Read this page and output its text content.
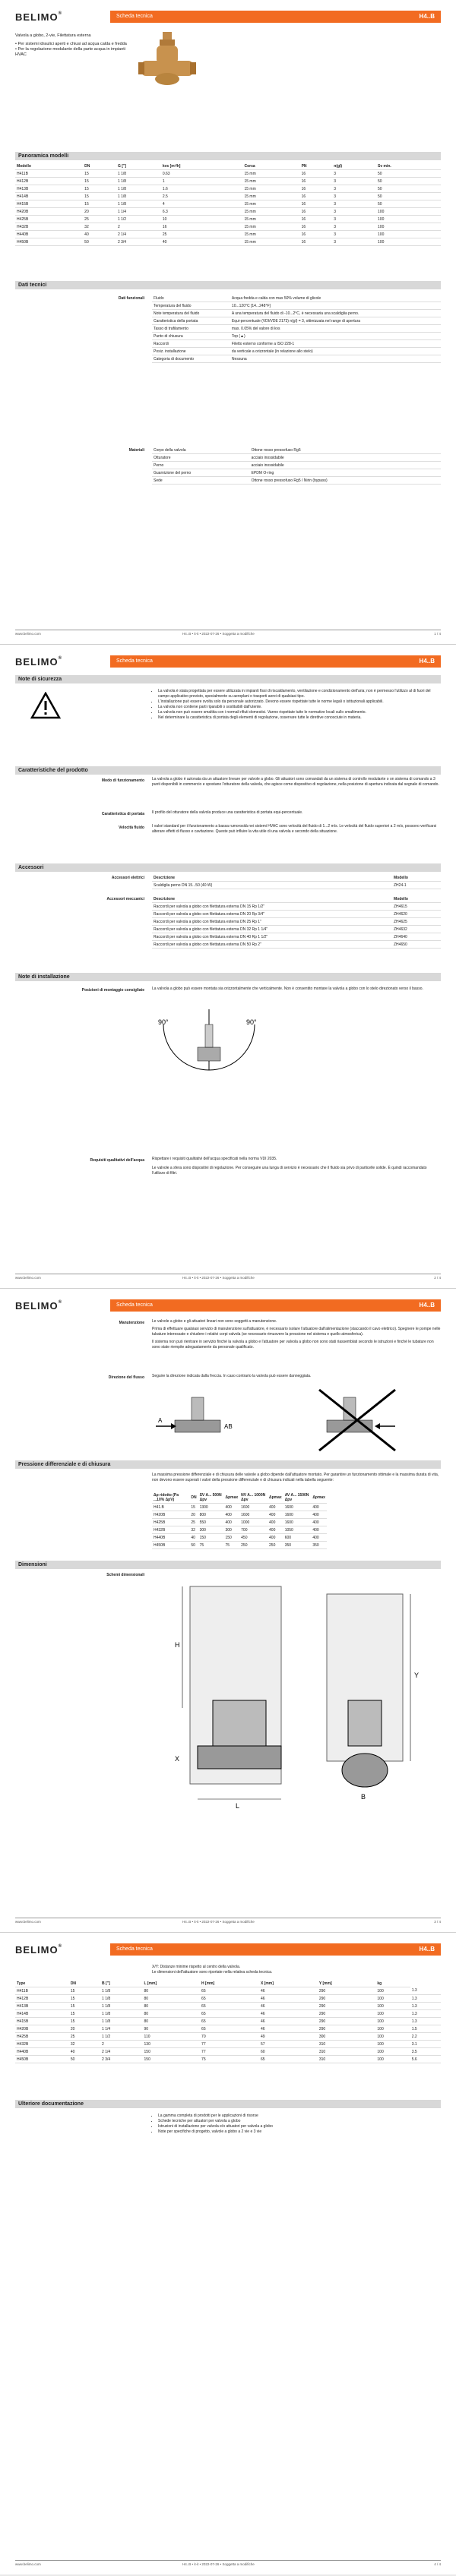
BELIMO®	Scheda tecnica	H4..B
Valvola a globo, 2-vie, Filettatura esterna
• Per sistemi idraulici aperti e chiusi ad acqua calda e fredda
• Per la regolazione modulante della parte acqua in impianti HVAC
Panoramica modelli
Modello	DN	G ["]	kvs [m³/h]	Corsa	PN	n(gl)	Sv min.
H411B	15	1 1/8	0.63	15 mm	16	3	50
H412B	15	1 1/8	1	15 mm	16	3	50
H413B	15	1 1/8	1.6	15 mm	16	3	50
H414B	15	1 1/8	2.5	15 mm	16	3	50
H415B	15	1 1/8	4	15 mm	16	3	50
H420B	20	1 1/4	6.3	15 mm	16	3	100
H425B	25	1 1/2	10	15 mm	16	3	100
H432B	32	2	16	15 mm	16	3	100
H440B	40	2 1/4	25	15 mm	16	3	100
H450B	50	2 3/4	40	15 mm	16	3	100
Dati tecnici
Dati funzionali Fluido	Acqua fredda e calda con max 50% volume di glicole
Temperatura del fluido	10...120°C [14...248°F]
Note temperatura del fluido	A una temperatura del fluido di -10...2°C, è necessaria una scaldiglia perno.
Caratteristica della portata	Equi-percentuale (VDI/VDE 2173) n(gl) = 3, ottimizzata nel range di apertura
Tasso di trafilamento	max. 0.05% del valore di kvs
Punto di chiusura	Top (▲)
Raccordi	Filetto esterno conforme a ISO 228-1
Posiz. installazione	da verticale a orizzontale (in relazione allo stelo)
Categoria di documento	Nessuna
Materiali Corpo della valvola	Ottone rosso pressofuso Rg5
Otturatore	acciaio inossidabile
Perno	acciaio inossidabile
Guarnizione del perno	EPDM O-ring
Sede	Ottone rosso pressofuso Rg5 / Nirin (bypass)
www.belimo.com	H4..B • it-it • 2022-07-26 • Soggetta a modifiche	1 / 4
BELIMO®	Scheda tecnica	H4..B
Note di sicurezza
• La valvola è stata progettata per essere utilizzata in impianti fissi di riscaldamento, ventilazione e condizionamento dell'aria; non è permesso l'utilizzo al di fuori del campo applicativo previsto, specialmente su aeroplani o trasporti aerei di qualsiasi tipo.
• L'installazione può essere svolta solo da personale autorizzato. Devono essere rispettate tutte le norme legali o istituzionali applicabili.
• La valvola non contiene parti riparabili o sostituibili dall'utente.
• La valvola non può essere smaltita con i normali rifiuti domestici. Vanno rispettate tutte le normative locali sullo smaltimento.
• Nel determinare la caratteristica di portata degli elementi di regolazione, osservare tutte le direttive conosciute in materia.
Caratteristiche del prodotto
Modo di funzionamento La valvola a globo è azionata da un attuatore lineare per valvole a globo. Gli attuatori sono comandati da un sistema di controllo modulante o on sistema di comando a 3 punti disponibili in commercio e spostano l'otturatore della valvola, che agisce come dispositivo di regolazione, nella posizione di apertura indicata dal segnale di comando.
Caratteristica di portata Il profilo del otturatore della valvola produce una caratteristica di portata equi-percentuale.
Velocità fluido I valori standard per il funzionamento a bassa rumorosità nei sistemi HVAC sono velocità del fluido di 1...2 m/s. Le velocità del fluido superiori a 2 m/s, possono verificarsi alterare effetti di flusso e cavitazione. Queste può influire la vita utile di una valvola e secondo della situazione.
Accessori
Accessori elettrici Descrizione	Modello
Scaldiglia perno DN 15...50 (40 W)	ZH24-1
Accessori meccanici Descrizione	Modello
Raccordi per valvola a globo con filettatura esterna DN 15 Rp 1/2"	ZH4615
Raccordi per valvola a globo con filettatura esterna DN 20 Rp 3/4"	ZH4620
Raccordi per valvola a globo con filettatura esterna DN 25 Rp 1"	ZH4625
Raccordi per valvola a globo con filettatura esterna DN 32 Rp 1 1/4"	ZH4632
Raccordi per valvola a globo con filettatura esterna DN 40 Rp 1 1/2"	ZH4640
Raccordi per valvola a globo con filettatura esterna DN 50 Rp 2"	ZH4650
Note di installazione
Posizioni di montaggio consigliate La valvola a globo può essere montata sia orizzontalmente che verticalmente. Non è consentito montare la valvola a globo con lo stelo direzionato verso il basso.
90°	90°
Requisiti qualitativi dell'acqua Rispettare i requisiti qualitativi dell'acqua specificati nella norma VDI 2035.
Le valvole a sfera sono dispositivi di regolazione. Per conseguire una lunga di servizio è necessario che il fluido sia privo di particelle solide. È quindi raccomandato l'utilizzo di filtri.
www.belimo.com	H4..B • it-it • 2022-07-26 • Soggetta a modifiche	2 / 4
BELIMO®	Scheda tecnica	H4..B
Manutenzione Le valvole a globo e gli attuatori lineari non sono soggetti a manutenzione.
Prima di effettuare qualsiasi servizio di manutenzione sull'attuatore, è necessario isolare l'attuatore dall'alimentazione (staccando il cavo elettrico). Spegnere le pompe nelle tubature interessate e chiudere i relativi corpi valvola (se necessario rimuovere la pressione nel sistema e quello atmosferica).
Il sistema non può rientrare in servizio finché la valvola a globo e l'attuatore per valvola a globo non sono stati riassemblati secondo le istruzioni e finché le tubature non sono state riempite adeguatamente da personale qualificato.
Direzione del flusso Seguire la direzione indicata dalla freccia. In caso contrario la valvola può essere danneggiata.
AB
A
Pressione differenziale e di chiusura
La massima pressione differenziale e di chiusura delle valvole a globo dipende dall'attuatore montato. Per garantire un funzionamento ottimale e la massima durata di vita, non devono essere superati i valori della pressione differenziale e di chiusura indicati nella tabella seguente:
Δp ridotto (Pa ...10% ΔpV)	DN	SV A... 500N Δpv	Δpmax	NV A... 1000N Δpv	Δpmax	AV A... 1500N Δpv	Δpmax
H41.B	15	1300	400	1600	400	1600	400
H420B	20	800	400	1600	400	1600	400
H425B	25	550	400	1000	400	1600	400
H432B	32	300	300	700	400	1050	400
H440B	40	150	150	450	400	600	400
H450B	50	75	75	250	250	350	350
Dimensioni
Schemi dimensionali
H
L
X
Y
B
www.belimo.com	H4..B • it-it • 2022-07-26 • Soggetta a modifiche	3 / 4
BELIMO®	Scheda tecnica	H4..B
X/Y: Distanze minime rispetto al centro della valvola.
Le dimensioni dell'attuatore sono riportate nella relativa scheda tecnica.
Type	DN	B ["]	L [mm]	H [mm]	X [mm]	Y [mm]	kg	
H411B	15	1 1/8	80	65	46	290	100	1.3
H412B	15	1 1/8	80	65	46	290	100	1.3
H413B	15	1 1/8	80	65	46	290	100	1.3
H414B	15	1 1/8	80	65	46	290	100	1.3
H415B	15	1 1/8	80	65	46	290	100	1.3
H420B	20	1 1/4	90	65	46	290	100	1.5
H425B	25	1 1/2	110	70	49	300	100	2.2
H432B	32	2	130	77	57	310	100	3.1
H440B	40	2 1/4	150	77	60	310	100	3.5
H450B	50	2 3/4	150	75	65	310	100	5.6
Ulteriore documentazione
• La gamma completa di prodotti per le applicazioni di risorse
• Schede tecniche per attuatori per valvola a globo
• Istruzioni di installazione per valvola e/o attuatori per valvola a globo
• Note per specifiche di progetto, valvole a globo a 2 vie e 3 vie
www.belimo.com	H4..B • it-it • 2022-07-26 • Soggetta a modifiche	4 / 4
